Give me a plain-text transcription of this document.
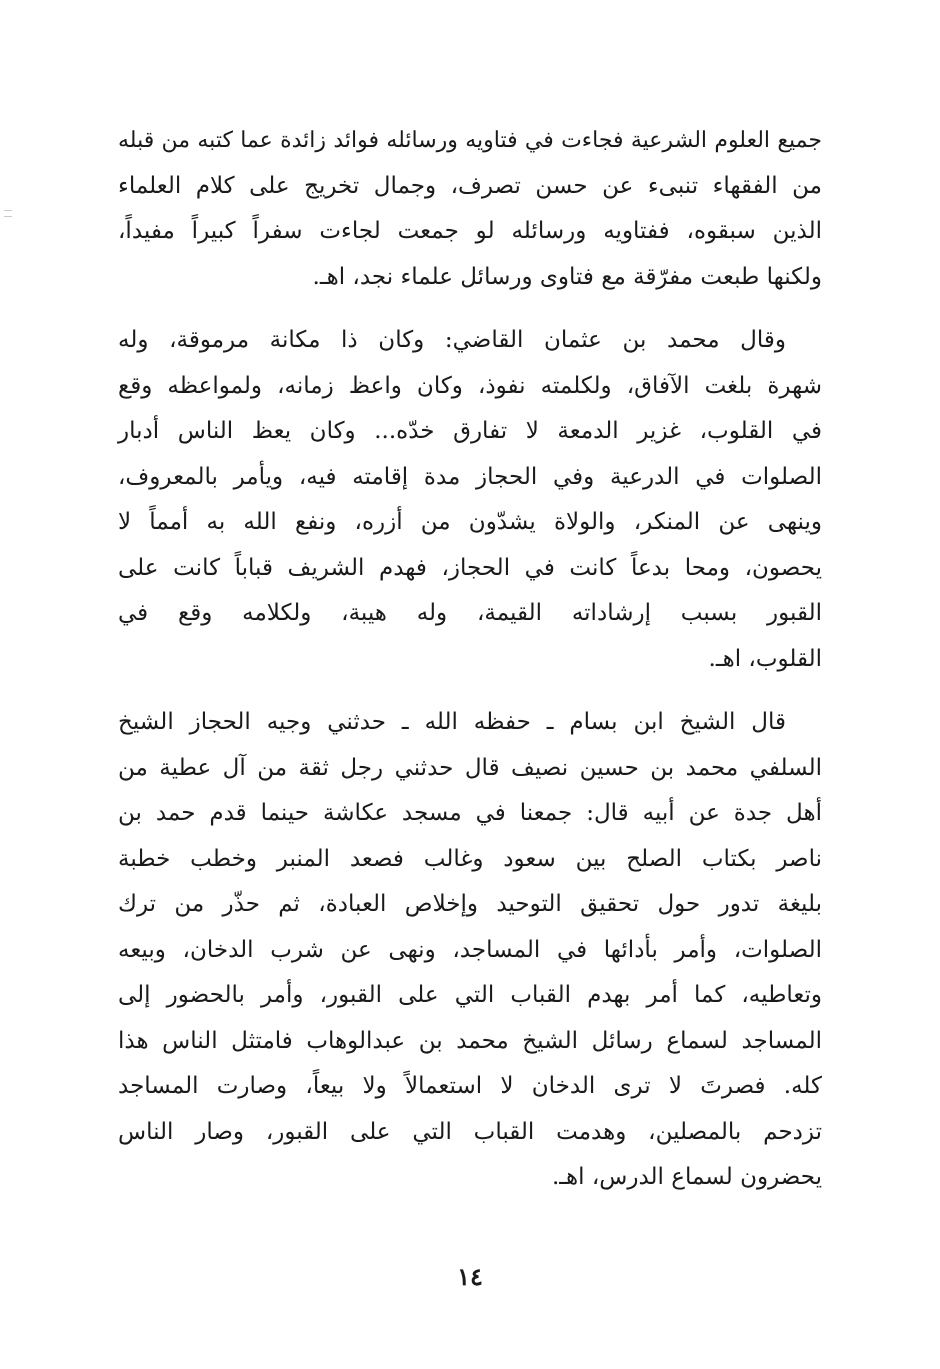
جميع العلوم الشرعية فجاءت في فتاويه ورسائله فوائد زائدة عما كتبه من قبله
من الفقهاء تنبىء عن حسن تصرف، وجمال تخريج على كلام العلماء
الذين سبقوه، ففتاويه ورسائله لو جمعت لجاءت سفراً كبيراً مفيداً،
ولكنها طبعت مفرّقة مع فتاوى ورسائل علماء نجد، اهـ.
وقال محمد بن عثمان القاضي: وكان ذا مكانة مرموقة، وله
شهرة بلغت الآفاق، ولكلمته نفوذ، وكان واعظ زمانه، ولمواعظه وقع
في القلوب، غزير الدمعة لا تفارق خدّه... وكان يعظ الناس أدبار
الصلوات في الدرعية وفي الحجاز مدة إقامته فيه، ويأمر بالمعروف،
وينهى عن المنكر، والولاة يشدّون من أزره، ونفع الله به أمماً لا
يحصون، ومحا بدعاً كانت في الحجاز، فهدم الشريف قباباً كانت على
القبور بسبب إرشاداته القيمة، وله هيبة، ولكلامه وقع في
القلوب، اهـ.
قال الشيخ ابن بسام ـ حفظه الله ـ حدثني وجيه الحجاز الشيخ
السلفي محمد بن حسين نصيف قال حدثني رجل ثقة من آل عطية من
أهل جدة عن أبيه قال: جمعنا في مسجد عكاشة حينما قدم حمد بن
ناصر بكتاب الصلح بين سعود وغالب فصعد المنبر وخطب خطبة
بليغة تدور حول تحقيق التوحيد وإخلاص العبادة، ثم حذّر من ترك
الصلوات، وأمر بأدائها في المساجد، ونهى عن شرب الدخان، وبيعه
وتعاطيه، كما أمر بهدم القباب التي على القبور، وأمر بالحضور إلى
المساجد لسماع رسائل الشيخ محمد بن عبدالوهاب فامتثل الناس هذا
كله. فصرتَ لا ترى الدخان لا استعمالاً ولا بيعاً، وصارت المساجد
تزدحم بالمصلين، وهدمت القباب التي على القبور، وصار الناس
يحضرون لسماع الدرس، اهـ.
١٤
